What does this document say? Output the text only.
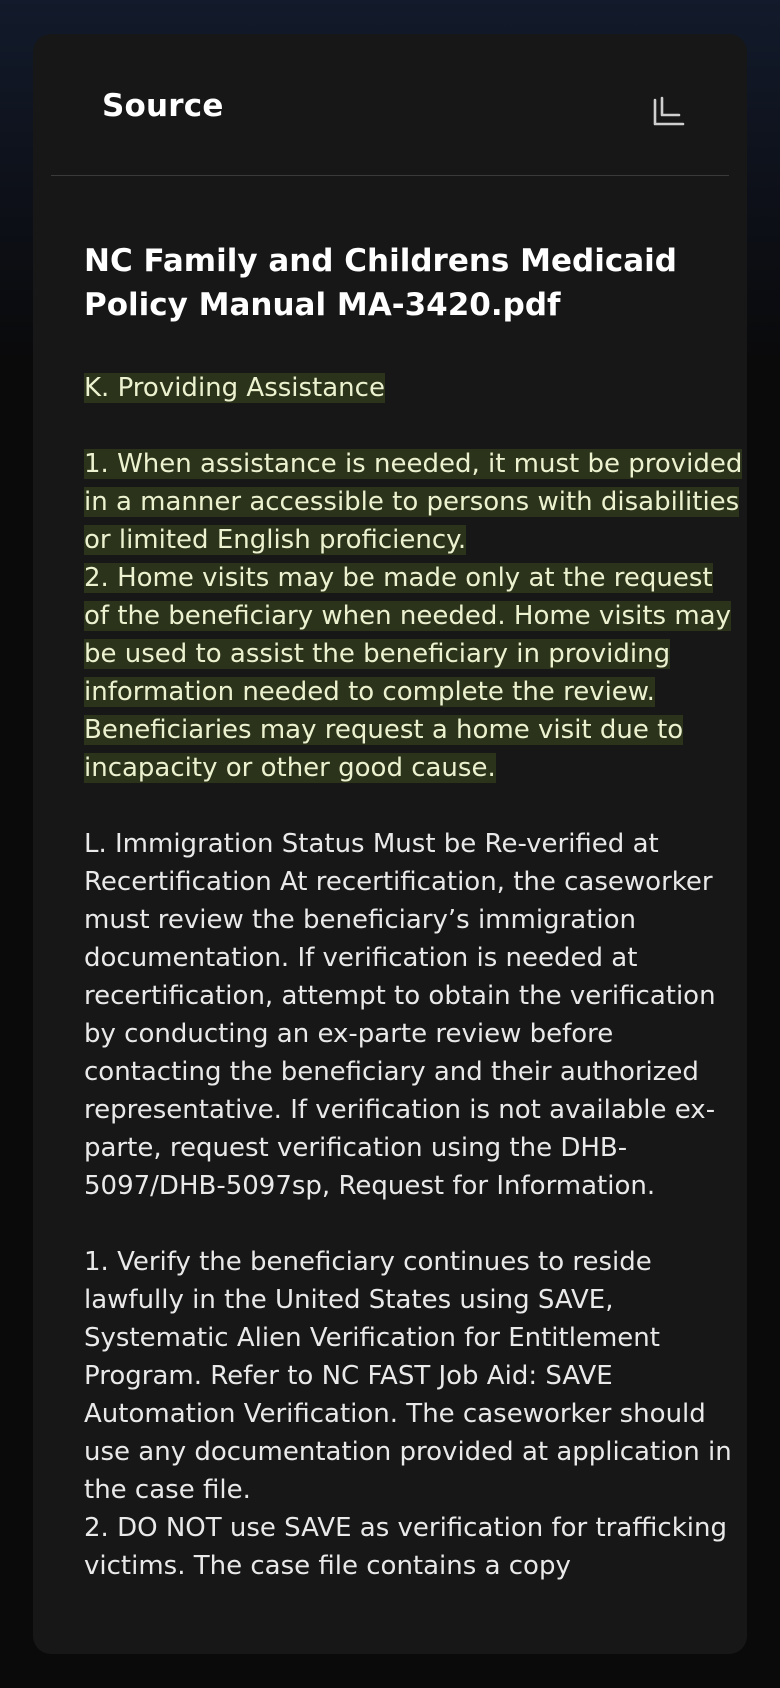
Source
NC Family and Childrens Medicaid Policy Manual MA-3420.pdf

K. Providing Assistance

1. When assistance is needed, it must be provided in a manner accessible to persons with disabilities or limited English proficiency.
2. Home visits may be made only at the request of the beneficiary when needed. Home visits may be used to assist the beneficiary in providing information needed to complete the review. Beneficiaries may request a home visit due to incapacity or other good cause.

L. Immigration Status Must be Re-verified at Recertification At recertification, the caseworker must review the beneficiary’s immigration documentation. If verification is needed at recertification, attempt to obtain the verification by conducting an ex-parte review before contacting the beneficiary and their authorized representative. If verification is not available ex-parte, request verification using the DHB-5097/DHB-5097sp, Request for Information.

1. Verify the beneficiary continues to reside lawfully in the United States using SAVE, Systematic Alien Verification for Entitlement Program. Refer to NC FAST Job Aid: SAVE Automation Verification. The caseworker should use any documentation provided at application in the case file.
2. DO NOT use SAVE as verification for trafficking victims. The case file contains a copy
